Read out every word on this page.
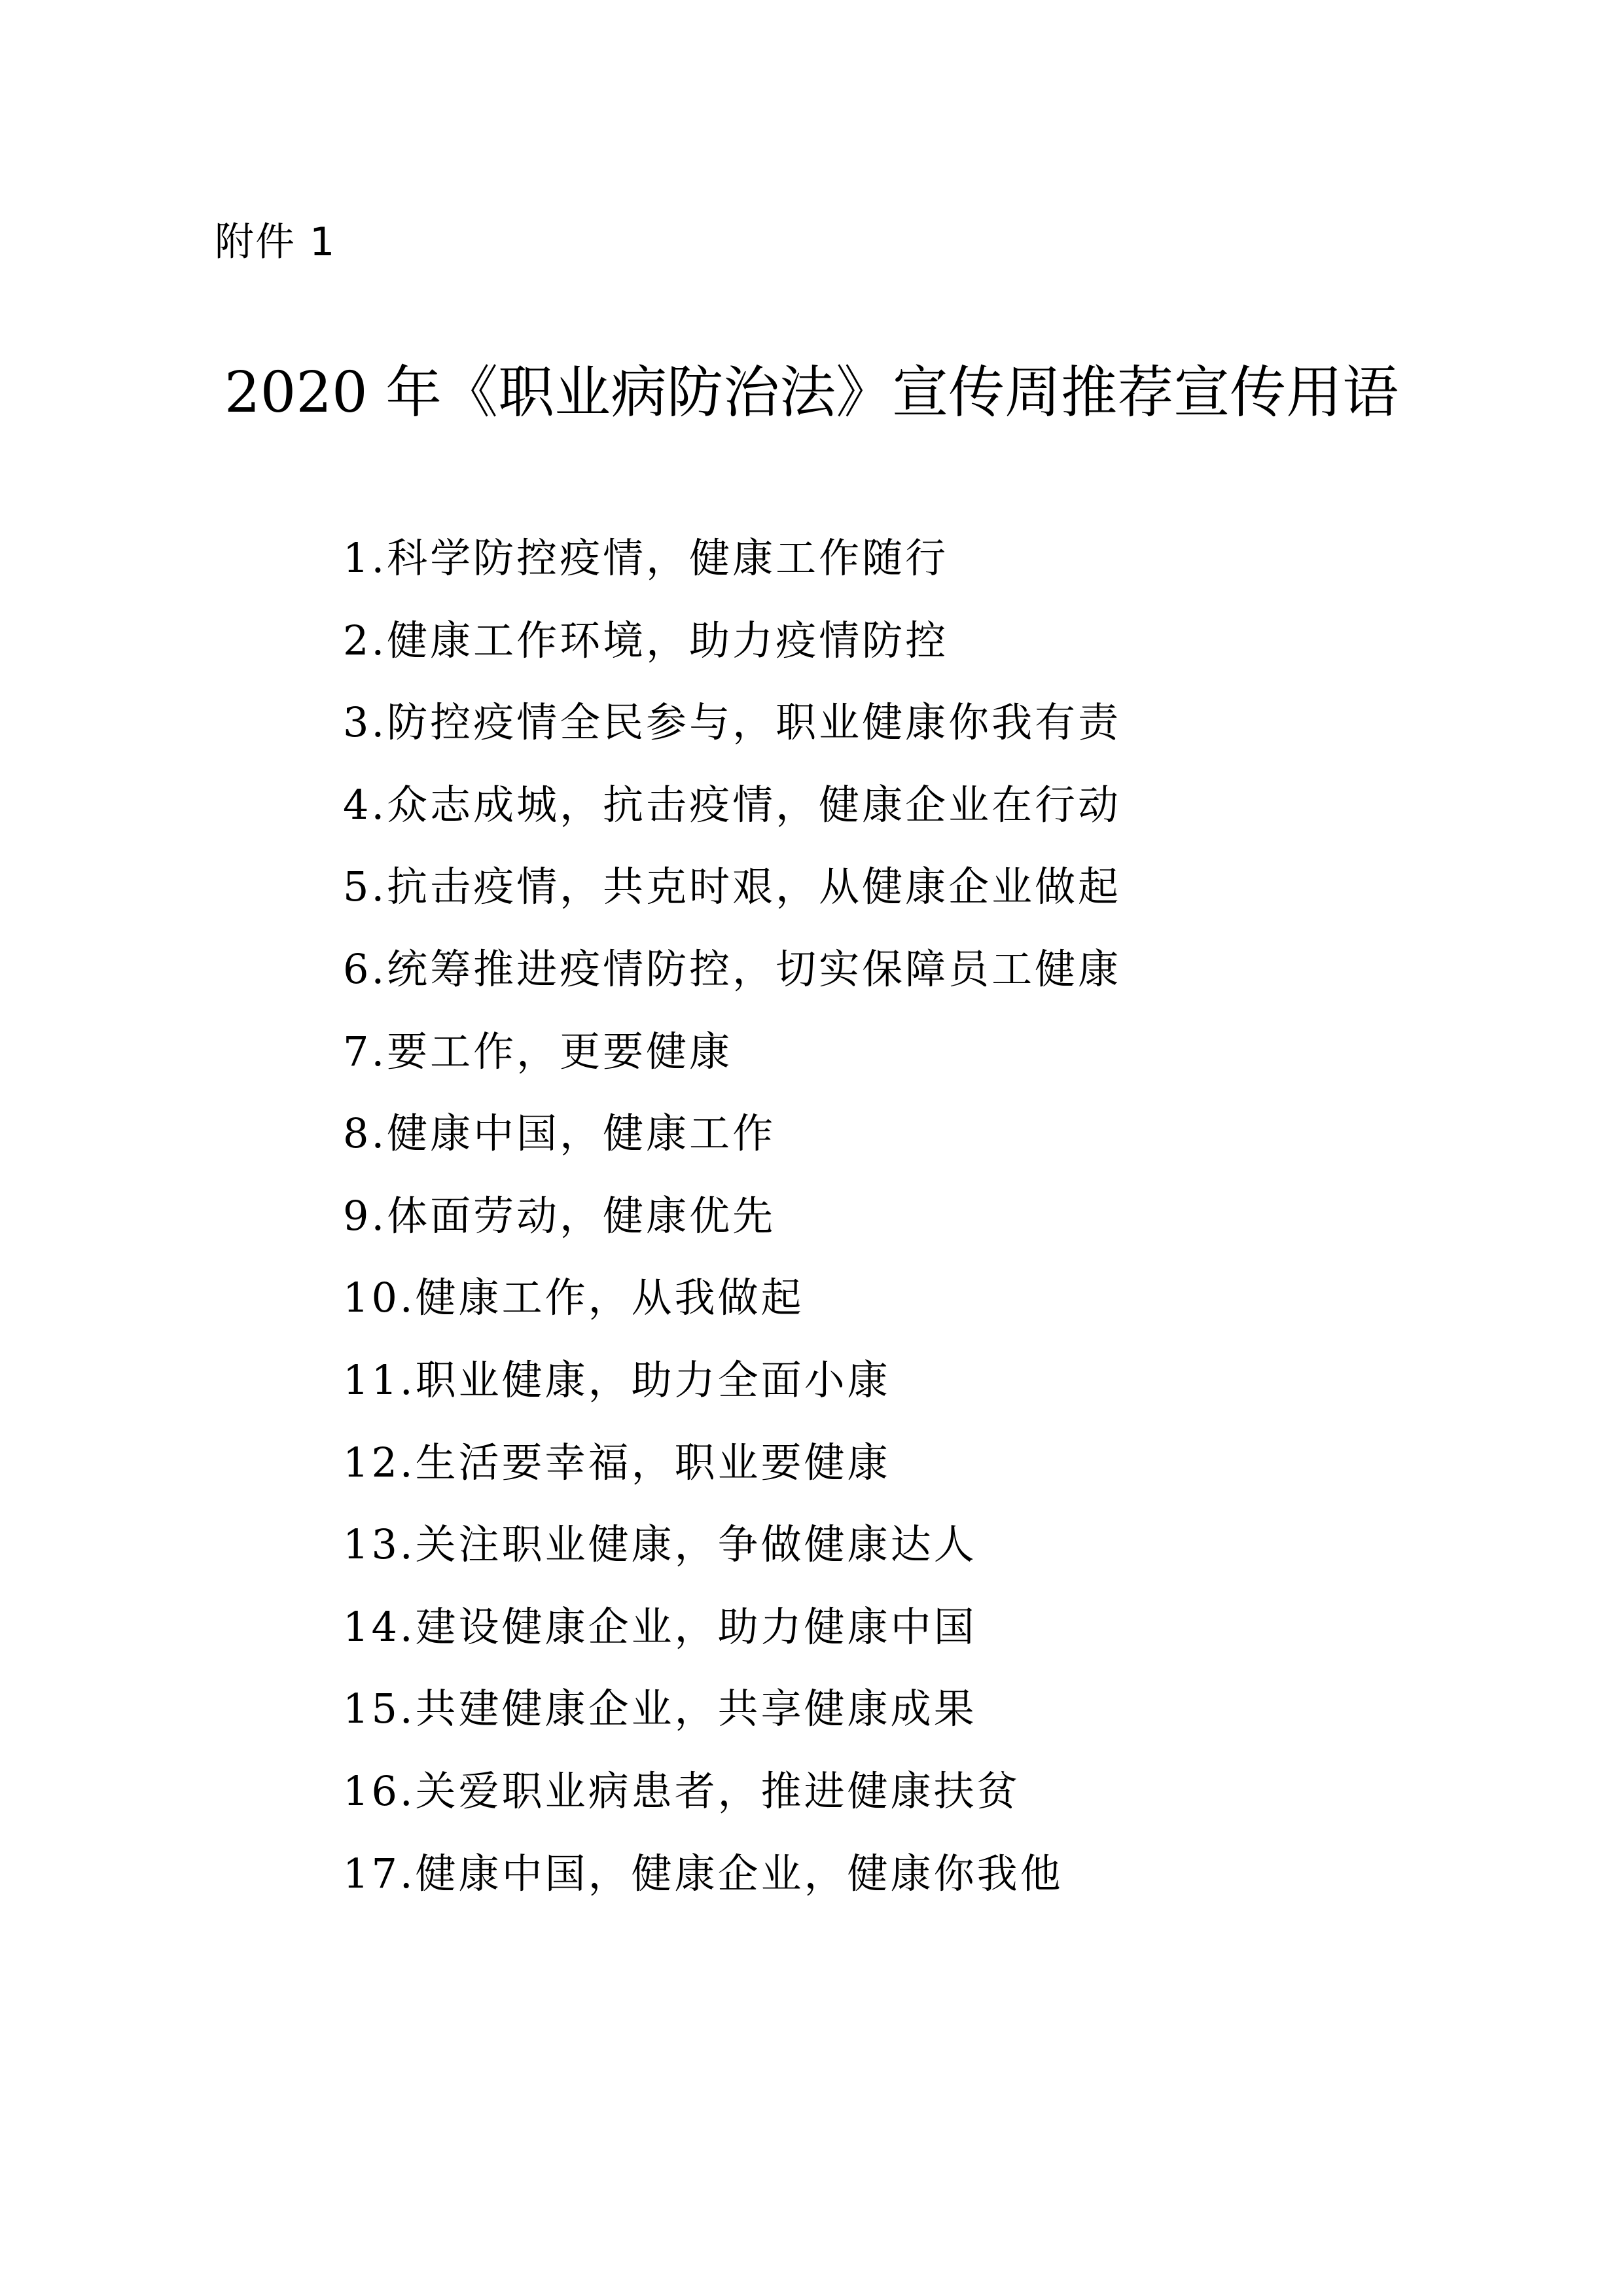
附件 1
2020 年《职业病防治法》宣传周推荐宣传用语
1.科学防控疫情，健康工作随行
2.健康工作环境，助力疫情防控
3.防控疫情全民参与，职业健康你我有责
4.众志成城，抗击疫情，健康企业在行动
5.抗击疫情，共克时艰，从健康企业做起
6.统筹推进疫情防控，切实保障员工健康
7.要工作，更要健康
8.健康中国，健康工作
9.体面劳动，健康优先
10.健康工作，从我做起
11.职业健康，助力全面小康
12.生活要幸福，职业要健康
13.关注职业健康，争做健康达人
14.建设健康企业，助力健康中国
15.共建健康企业，共享健康成果
16.关爱职业病患者，推进健康扶贫
17.健康中国，健康企业，健康你我他
